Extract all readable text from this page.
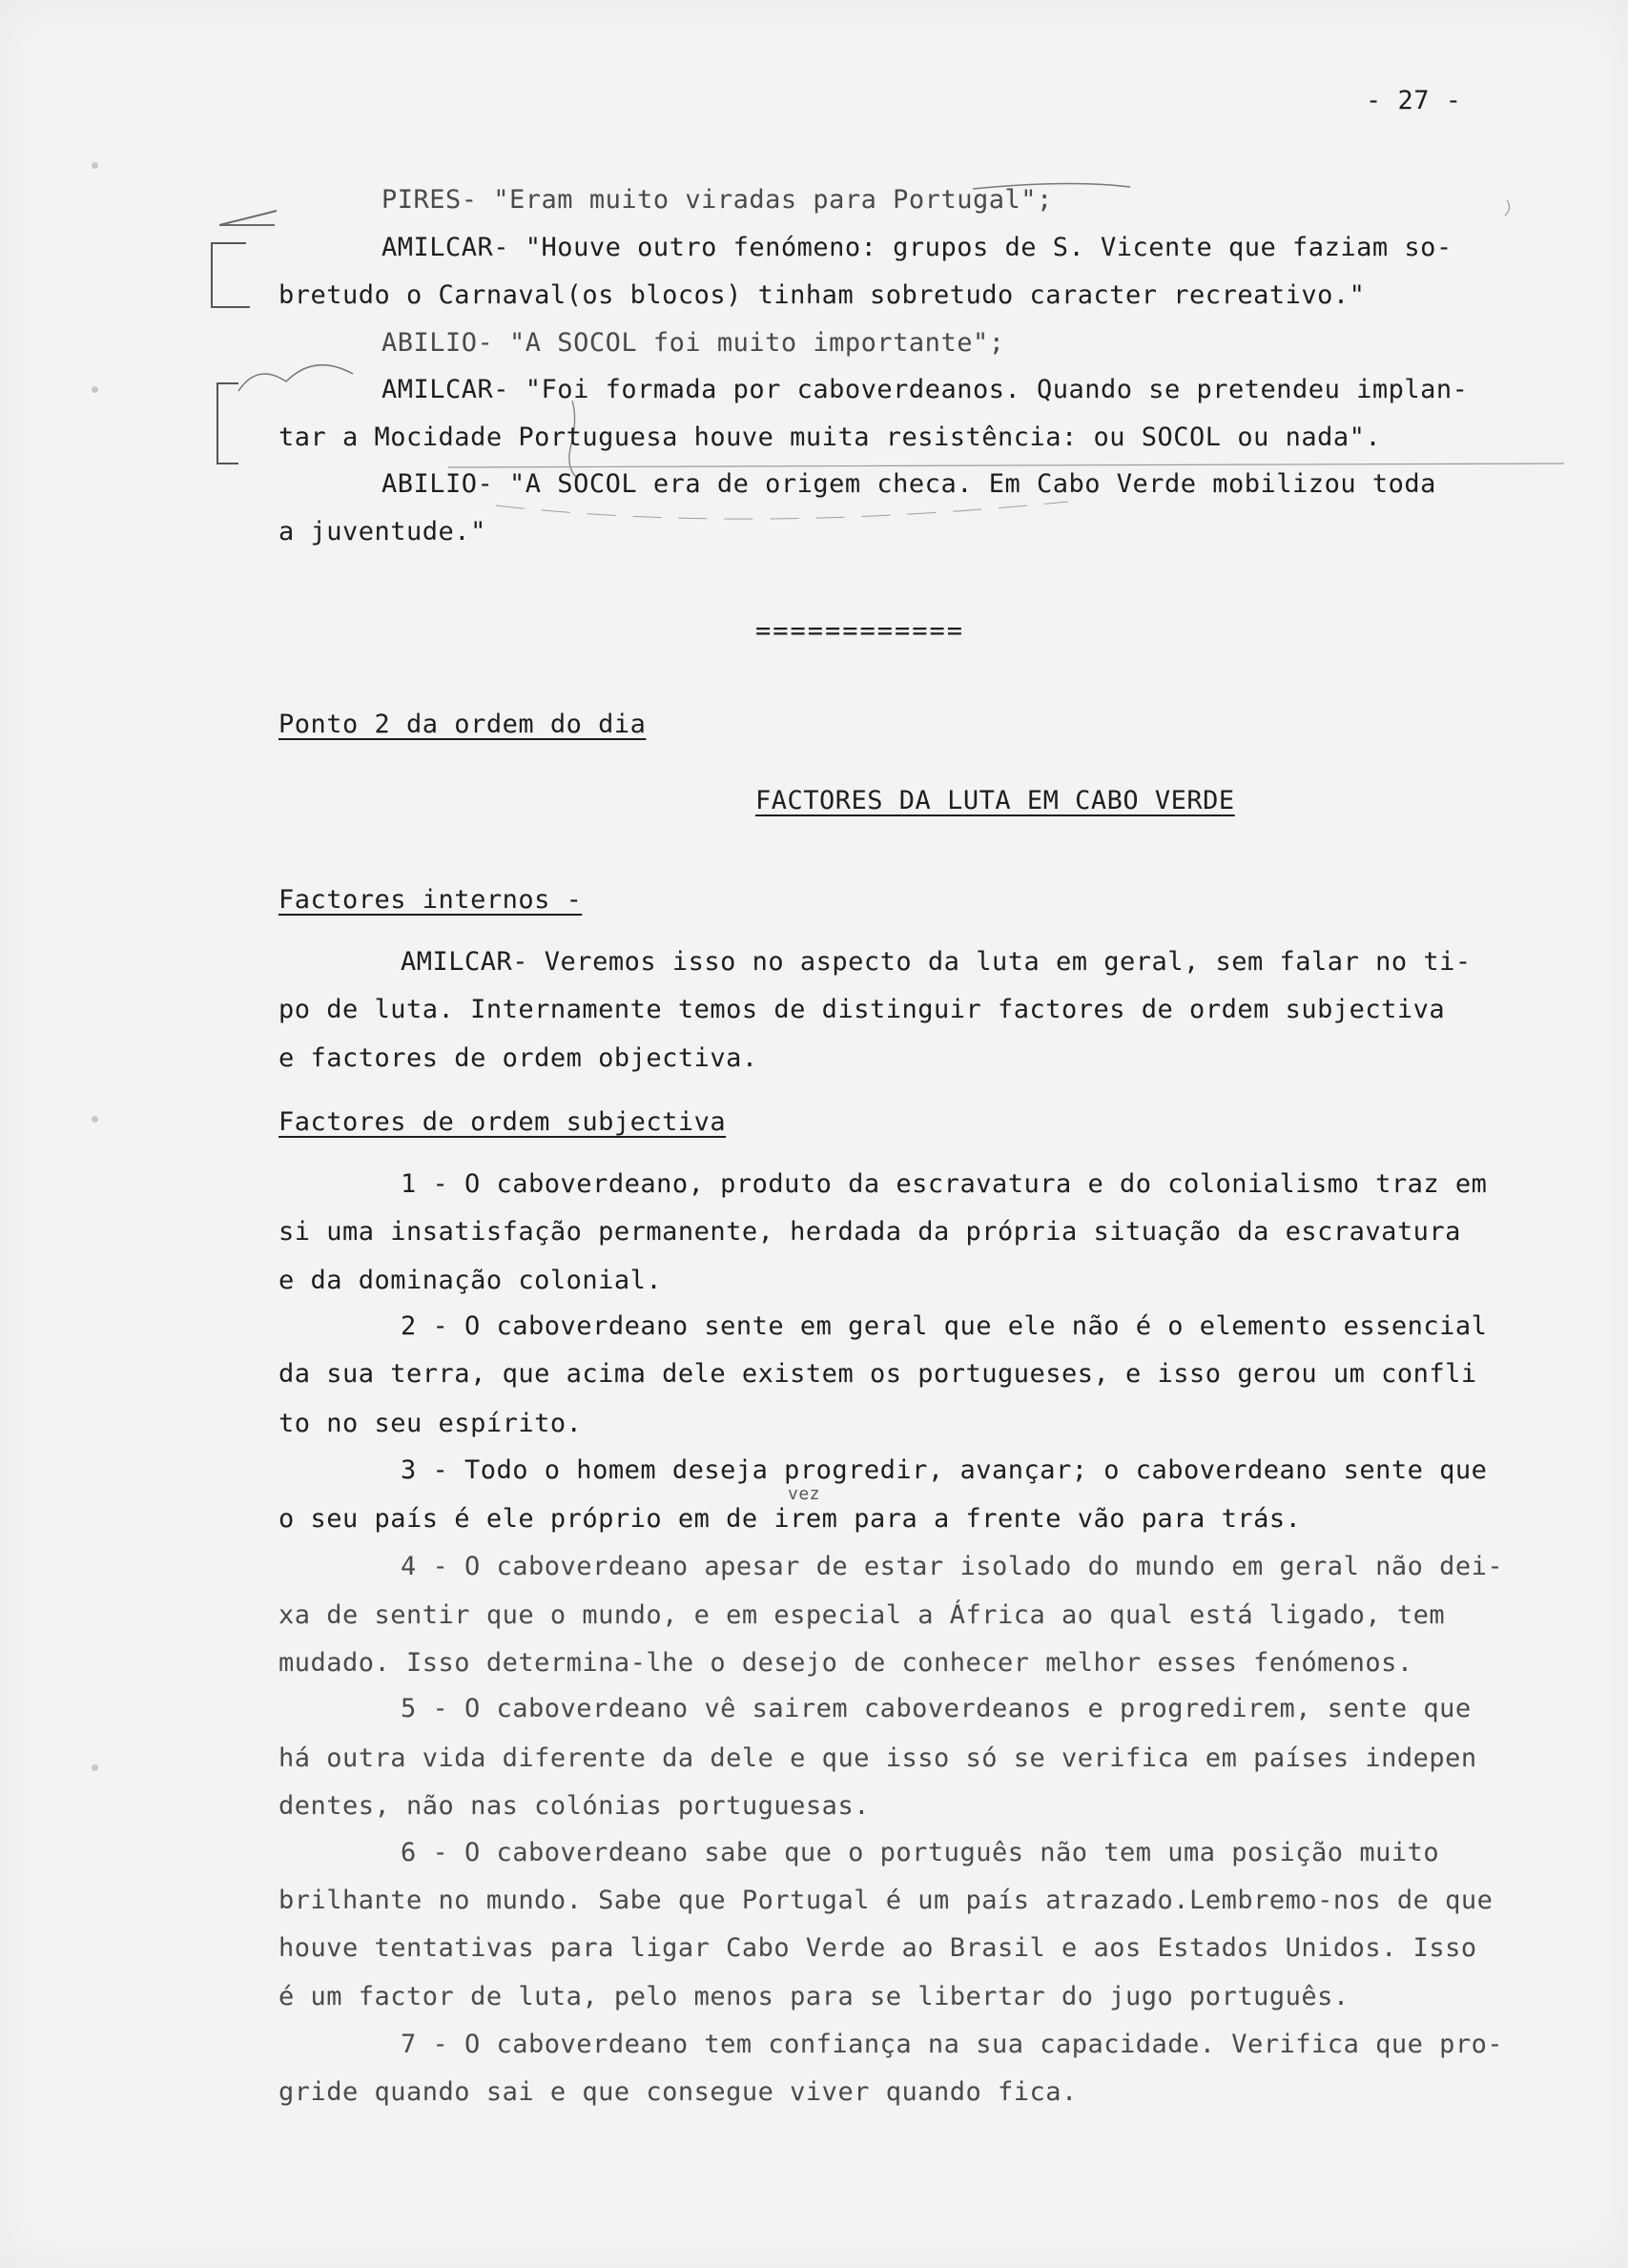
- 27 -
PIRES- "Eram muito viradas para Portugal";
AMILCAR- "Houve outro fenómeno: grupos de S. Vicente que faziam so-
bretudo o Carnaval(os blocos) tinham sobretudo caracter recreativo."
ABILIO- "A SOCOL foi muito importante";
AMILCAR- "Foi formada por caboverdeanos. Quando se pretendeu implan-
tar a Mocidade Portuguesa houve muita resistência: ou SOCOL ou nada".
ABILIO- "A SOCOL era de origem checa. Em Cabo Verde mobilizou toda
a juventude."
============
Ponto 2 da ordem do dia
FACTORES DA LUTA EM CABO VERDE
Factores internos -
AMILCAR- Veremos isso no aspecto da luta em geral, sem falar no ti-
po de luta. Internamente temos de distinguir factores de ordem subjectiva
e factores de ordem objectiva.
Factores de ordem subjectiva
1 - O caboverdeano, produto da escravatura e do colonialismo traz em
si uma insatisfação permanente, herdada da própria situação da escravatura
e da dominação colonial.
2 - O caboverdeano sente em geral que ele não é o elemento essencial
da sua terra, que acima dele existem os portugueses, e isso gerou um confli
to no seu espírito.
3 - Todo o homem deseja progredir, avançar; o caboverdeano sente que
vez
o seu país é ele próprio em de irem para a frente vão para trás.
4 - O caboverdeano apesar de estar isolado do mundo em geral não dei-
xa de sentir que o mundo, e em especial a África ao qual está ligado, tem
mudado. Isso determina-lhe o desejo de conhecer melhor esses fenómenos.
5 - O caboverdeano vê sairem caboverdeanos e progredirem, sente que
há outra vida diferente da dele e que isso só se verifica em países indepen
dentes, não nas colónias portuguesas.
6 - O caboverdeano sabe que o português não tem uma posição muito
brilhante no mundo. Sabe que Portugal é um país atrazado.Lembremo-nos de que
houve tentativas para ligar Cabo Verde ao Brasil e aos Estados Unidos. Isso
é um factor de luta, pelo menos para se libertar do jugo português.
7 - O caboverdeano tem confiança na sua capacidade. Verifica que pro-
gride quando sai e que consegue viver quando fica.
